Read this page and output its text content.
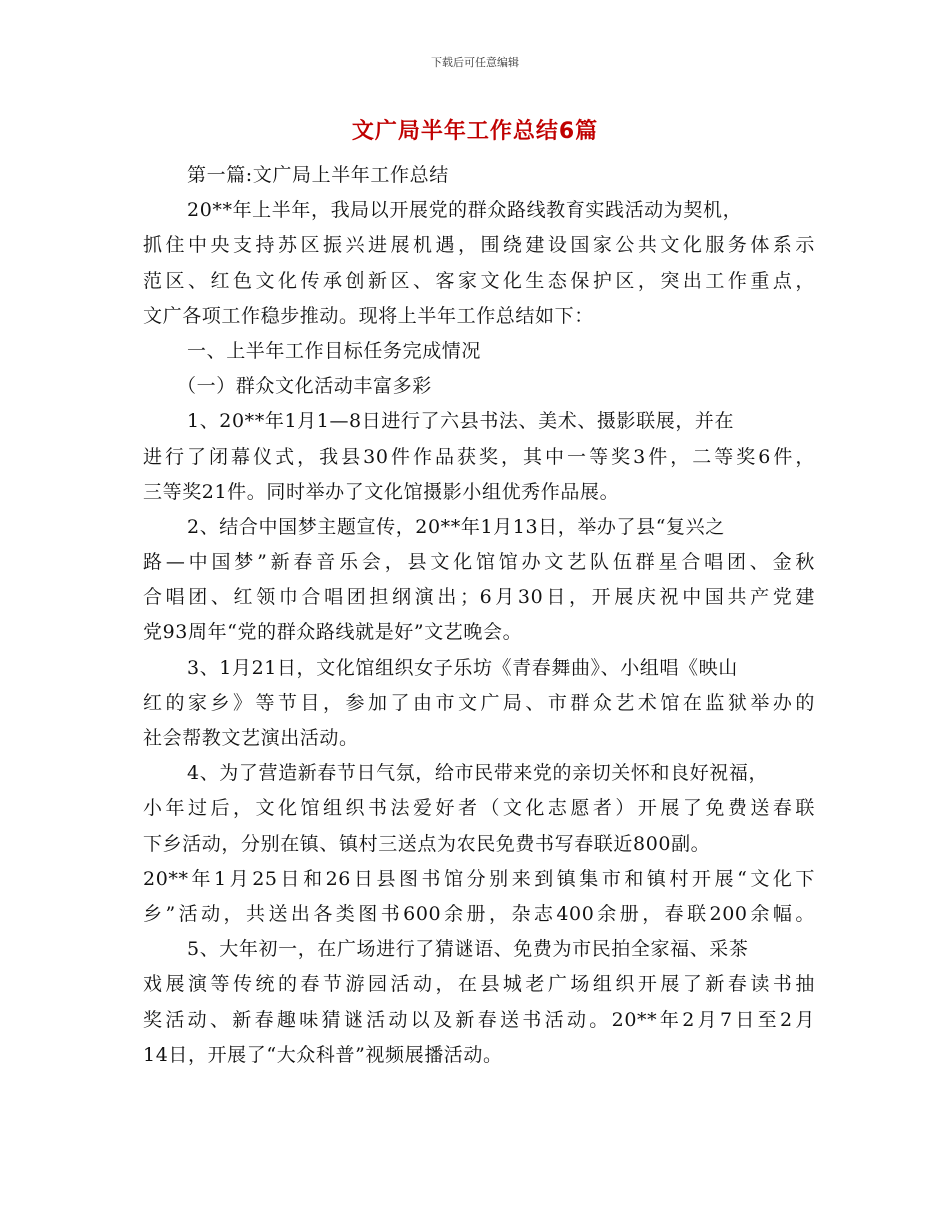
下载后可任意编辑
文广局半年工作总结6篇
第一篇:文广局上半年工作总结
20**年上半年，我局以开展党的群众路线教育实践活动为契机，
抓住中央支持苏区振兴进展机遇，围绕建设国家公共文化服务体系示
范区、红色文化传承创新区、客家文化生态保护区，突出工作重点，
文广各项工作稳步推动。现将上半年工作总结如下：
一、上半年工作目标任务完成情况
（一）群众文化活动丰富多彩
1、20**年1月1—8日进行了六县书法、美术、摄影联展，并在
进行了闭幕仪式，我县30件作品获奖，其中一等奖3件，二等奖6件，
三等奖21件。同时举办了文化馆摄影小组优秀作品展。
2、结合中国梦主题宣传，20**年1月13日，举办了县“复兴之
路—中国梦”新春音乐会，县文化馆馆办文艺队伍群星合唱团、金秋
合唱团、红领巾合唱团担纲演出；6月30日，开展庆祝中国共产党建
党93周年“党的群众路线就是好”文艺晚会。
3、1月21日，文化馆组织女子乐坊《青春舞曲》、小组唱《映山
红的家乡》等节目，参加了由市文广局、市群众艺术馆在监狱举办的
社会帮教文艺演出活动。
4、为了营造新春节日气氛，给市民带来党的亲切关怀和良好祝福，
小年过后，文化馆组织书法爱好者（文化志愿者）开展了免费送春联
下乡活动，分别在镇、镇村三送点为农民免费书写春联近800副。
20**年1月25日和26日县图书馆分别来到镇集市和镇村开展“文化下
乡”活动，共送出各类图书600余册，杂志400余册，春联200余幅。
5、大年初一，在广场进行了猜谜语、免费为市民拍全家福、采茶
戏展演等传统的春节游园活动，在县城老广场组织开展了新春读书抽
奖活动、新春趣味猜谜活动以及新春送书活动。20**年2月7日至2月
14日，开展了“大众科普”视频展播活动。
